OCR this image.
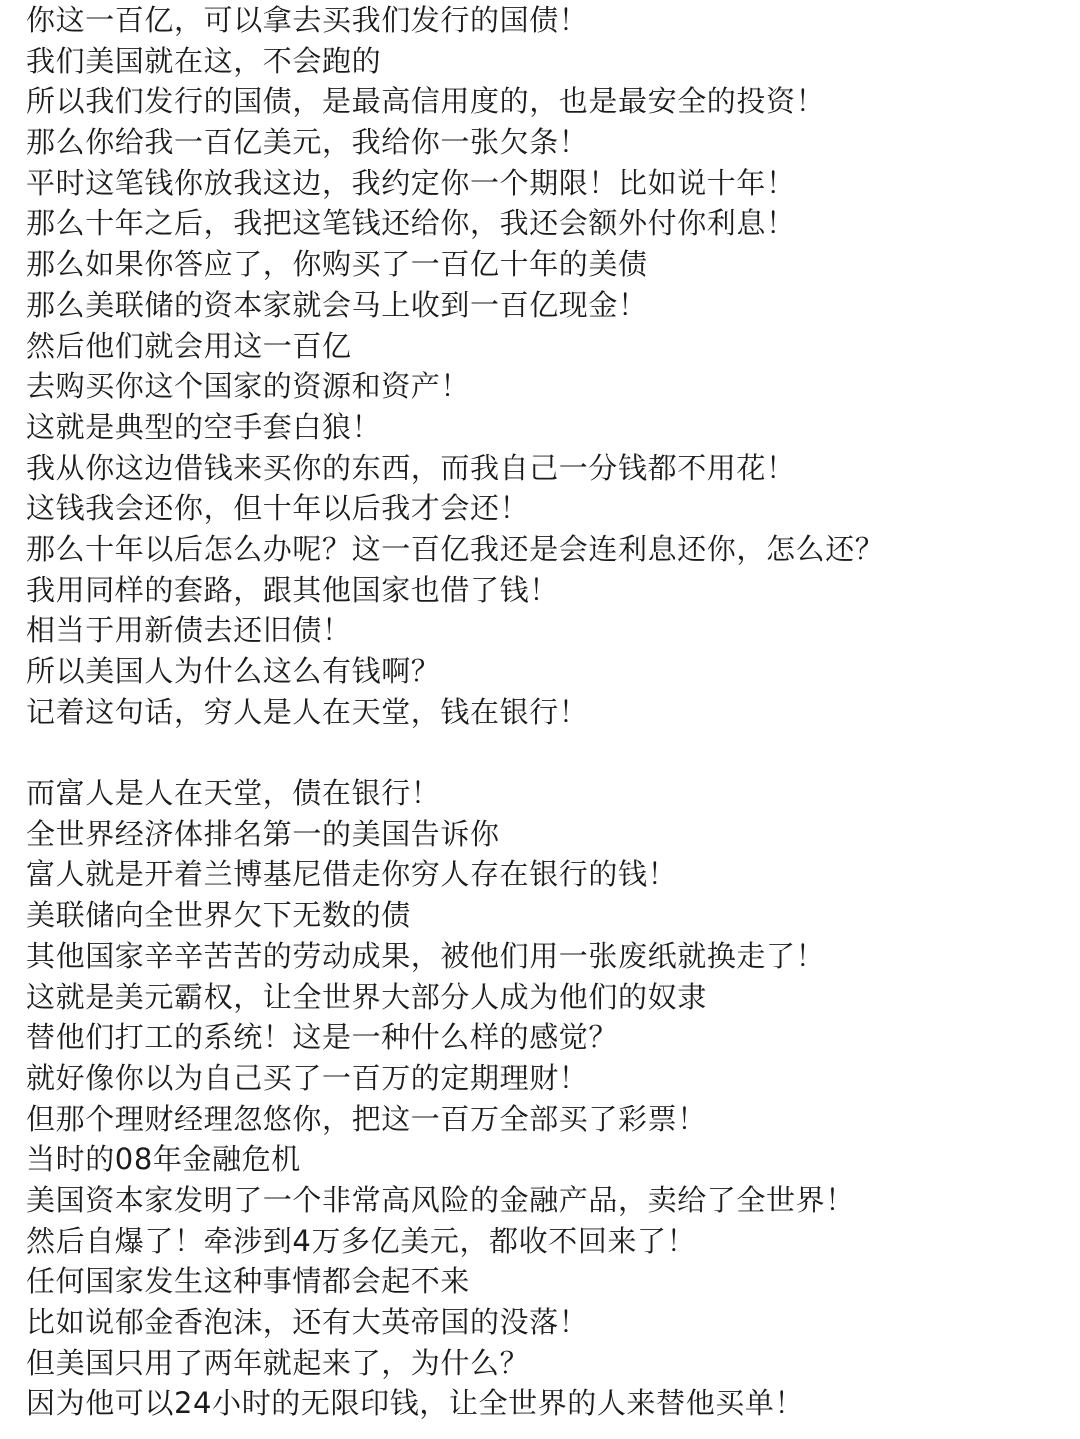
你这一百亿，可以拿去买我们发行的国债！
我们美国就在这，不会跑的
所以我们发行的国债，是最高信用度的，也是最安全的投资！
那么你给我一百亿美元，我给你一张欠条！
平时这笔钱你放我这边，我约定你一个期限！比如说十年！
那么十年之后，我把这笔钱还给你，我还会额外付你利息！
那么如果你答应了，你购买了一百亿十年的美债
那么美联储的资本家就会马上收到一百亿现金！
然后他们就会用这一百亿
去购买你这个国家的资源和资产！
这就是典型的空手套白狼！
我从你这边借钱来买你的东西，而我自己一分钱都不用花！
这钱我会还你，但十年以后我才会还！
那么十年以后怎么办呢？这一百亿我还是会连利息还你，怎么还？
我用同样的套路，跟其他国家也借了钱！
相当于用新债去还旧债！
所以美国人为什么这么有钱啊？
记着这句话，穷人是人在天堂，钱在银行！
而富人是人在天堂，债在银行！
全世界经济体排名第一的美国告诉你
富人就是开着兰博基尼借走你穷人存在银行的钱！
美联储向全世界欠下无数的债
其他国家辛辛苦苦的劳动成果，被他们用一张废纸就换走了！
这就是美元霸权，让全世界大部分人成为他们的奴隶
替他们打工的系统！这是一种什么样的感觉？
就好像你以为自己买了一百万的定期理财！
但那个理财经理忽悠你，把这一百万全部买了彩票！
当时的08年金融危机
美国资本家发明了一个非常高风险的金融产品，卖给了全世界！
然后自爆了！牵涉到4万多亿美元，都收不回来了！
任何国家发生这种事情都会起不来
比如说郁金香泡沫，还有大英帝国的没落！
但美国只用了两年就起来了，为什么？
因为他可以24小时的无限印钱，让全世界的人来替他买单！
